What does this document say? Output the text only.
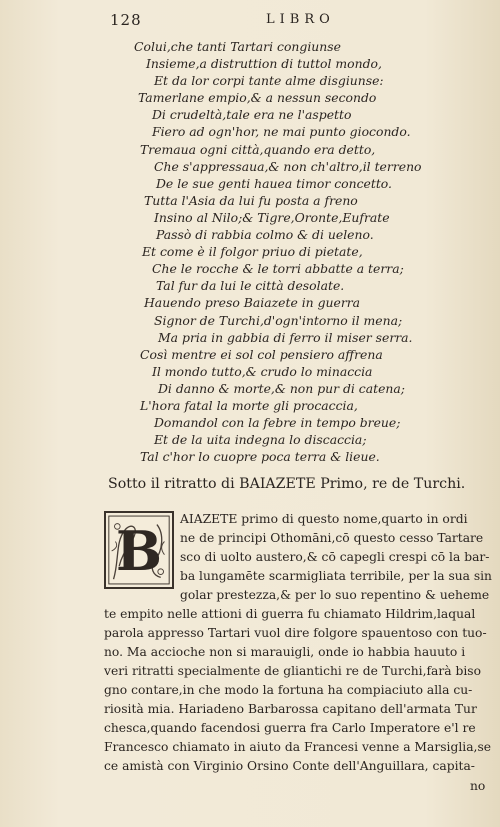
128	LIBRO
Colui,che tanti Tartari congiunse
Insieme,a distruttion di tuttol mondo,
Et da lor corpi tante alme disgiunse:
Tamerlane empio,& a nessun secondo
Di crudeltà,tale era ne l'aspetto
Fiero ad ogn'hor, ne mai punto giocondo.
Tremaua ogni città,quando era detto,
Che s'appressaua,& non ch'altro,il terreno
De le sue genti hauea timor concetto.
Tutta l'Asia da lui fu posta a freno
Insino al Nilo;& Tigre,Oronte,Eufrate
Passò di rabbia colmo & di ueleno.
Et come è il folgor priuo di pietate,
Che le rocche & le torri abbatte a terra;
Tal fur da lui le città desolate.
Hauendo preso Baiazete in guerra
Signor de Turchi,d'ogn'intorno il mena;
Ma pria in gabbia di ferro il miser serra.
Così mentre ei sol col pensiero affrena
Il mondo tutto,& crudo lo minaccia
Di danno & morte,& non pur di catena;
L'hora fatal la morte gli procaccia,
Domandol con la febre in tempo breue;
Et de la uita indegna lo discaccia;
Tal c'hor lo cuopre poca terra & lieue.
Sotto il ritratto di BAIAZETE Primo, re de Turchi.
B AIAZETE primo di questo nome,quarto in ordi
ne de principi Othomāni,cō questo cesso Tartare
sco di uolto austero,& cō capegli crespi cō la bar-
ba lungamēte scarmigliata terribile, per la sua sin
golar prestezza,& per lo suo repentino & ueheme
te empito nelle attioni di guerra fu chiamato Hildrim,laqual
parola appresso Tartari vuol dire folgore spauentoso con tuo-
no. Ma accioche non si marauigli, onde io habbia hauuto i
veri ritratti specialmente de gliantichi re de Turchi,farà biso
gno contare,in che modo la fortuna ha compiaciuto alla cu-
riosità mia. Hariadeno Barbarossa capitano dell'armata Tur
chesca,quando facendosi guerra fra Carlo Imperatore e'l re
Francesco chiamato in aiuto da Francesi venne a Marsiglia,se
ce amistà con Virginio Orsino Conte dell'Anguillara, capita-
no
